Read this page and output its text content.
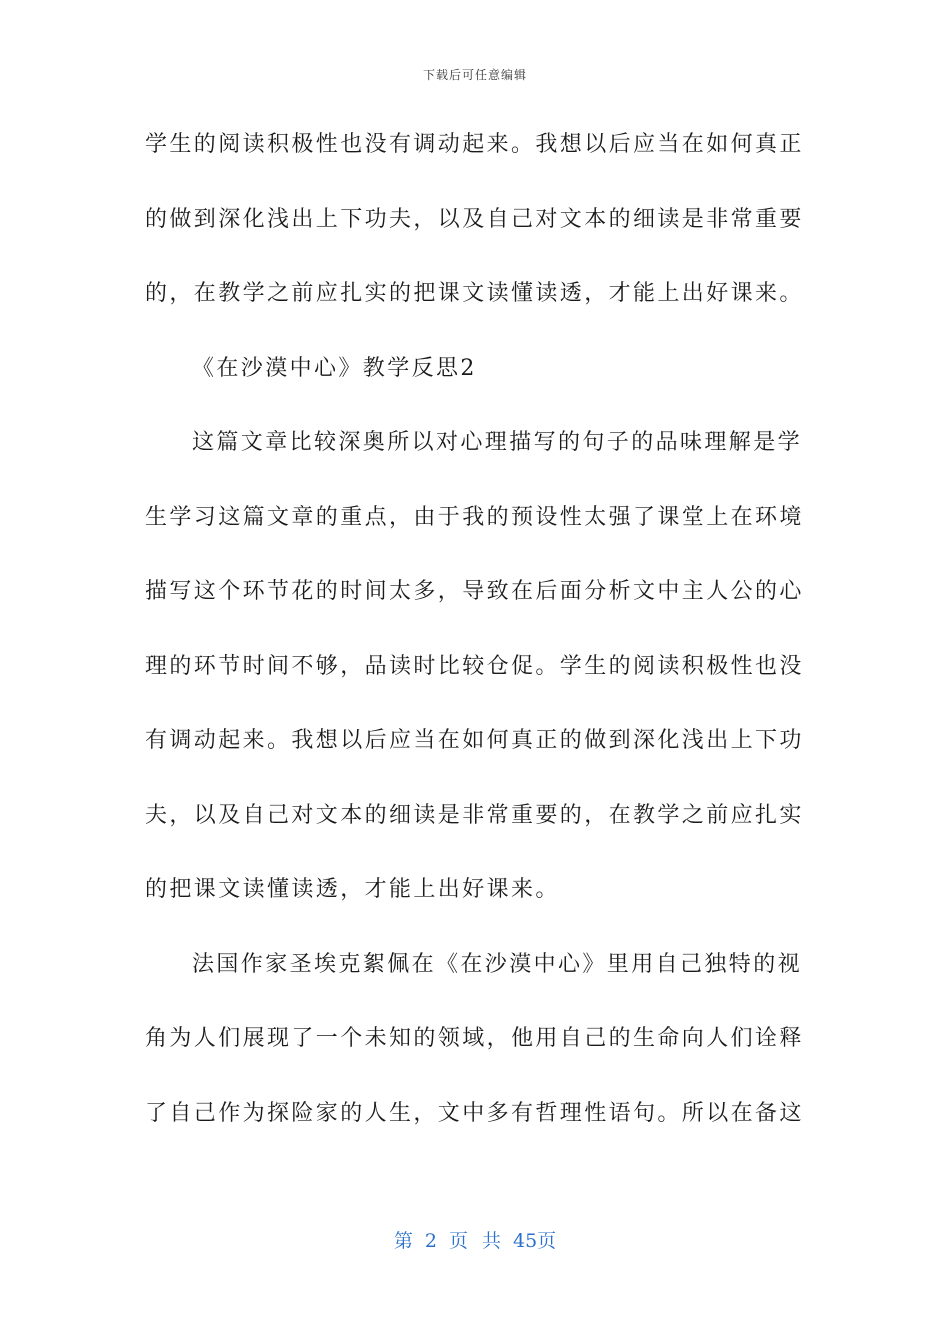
下载后可任意编辑
学生的阅读积极性也没有调动起来。我想以后应当在如何真正
的做到深化浅出上下功夫，以及自己对文本的细读是非常重要
的，在教学之前应扎实的把课文读懂读透，才能上出好课来。
《在沙漠中心》教学反思2
这篇文章比较深奥所以对心理描写的句子的品味理解是学
生学习这篇文章的重点，由于我的预设性太强了课堂上在环境
描写这个环节花的时间太多，导致在后面分析文中主人公的心
理的环节时间不够，品读时比较仓促。学生的阅读积极性也没
有调动起来。我想以后应当在如何真正的做到深化浅出上下功
夫，以及自己对文本的细读是非常重要的，在教学之前应扎实
的把课文读懂读透，才能上出好课来。
法国作家圣埃克絮佩在《在沙漠中心》里用自己独特的视
角为人们展现了一个未知的领域，他用自己的生命向人们诠释
了自己作为探险家的人生，文中多有哲理性语句。所以在备这
第 2 页 共 45页
